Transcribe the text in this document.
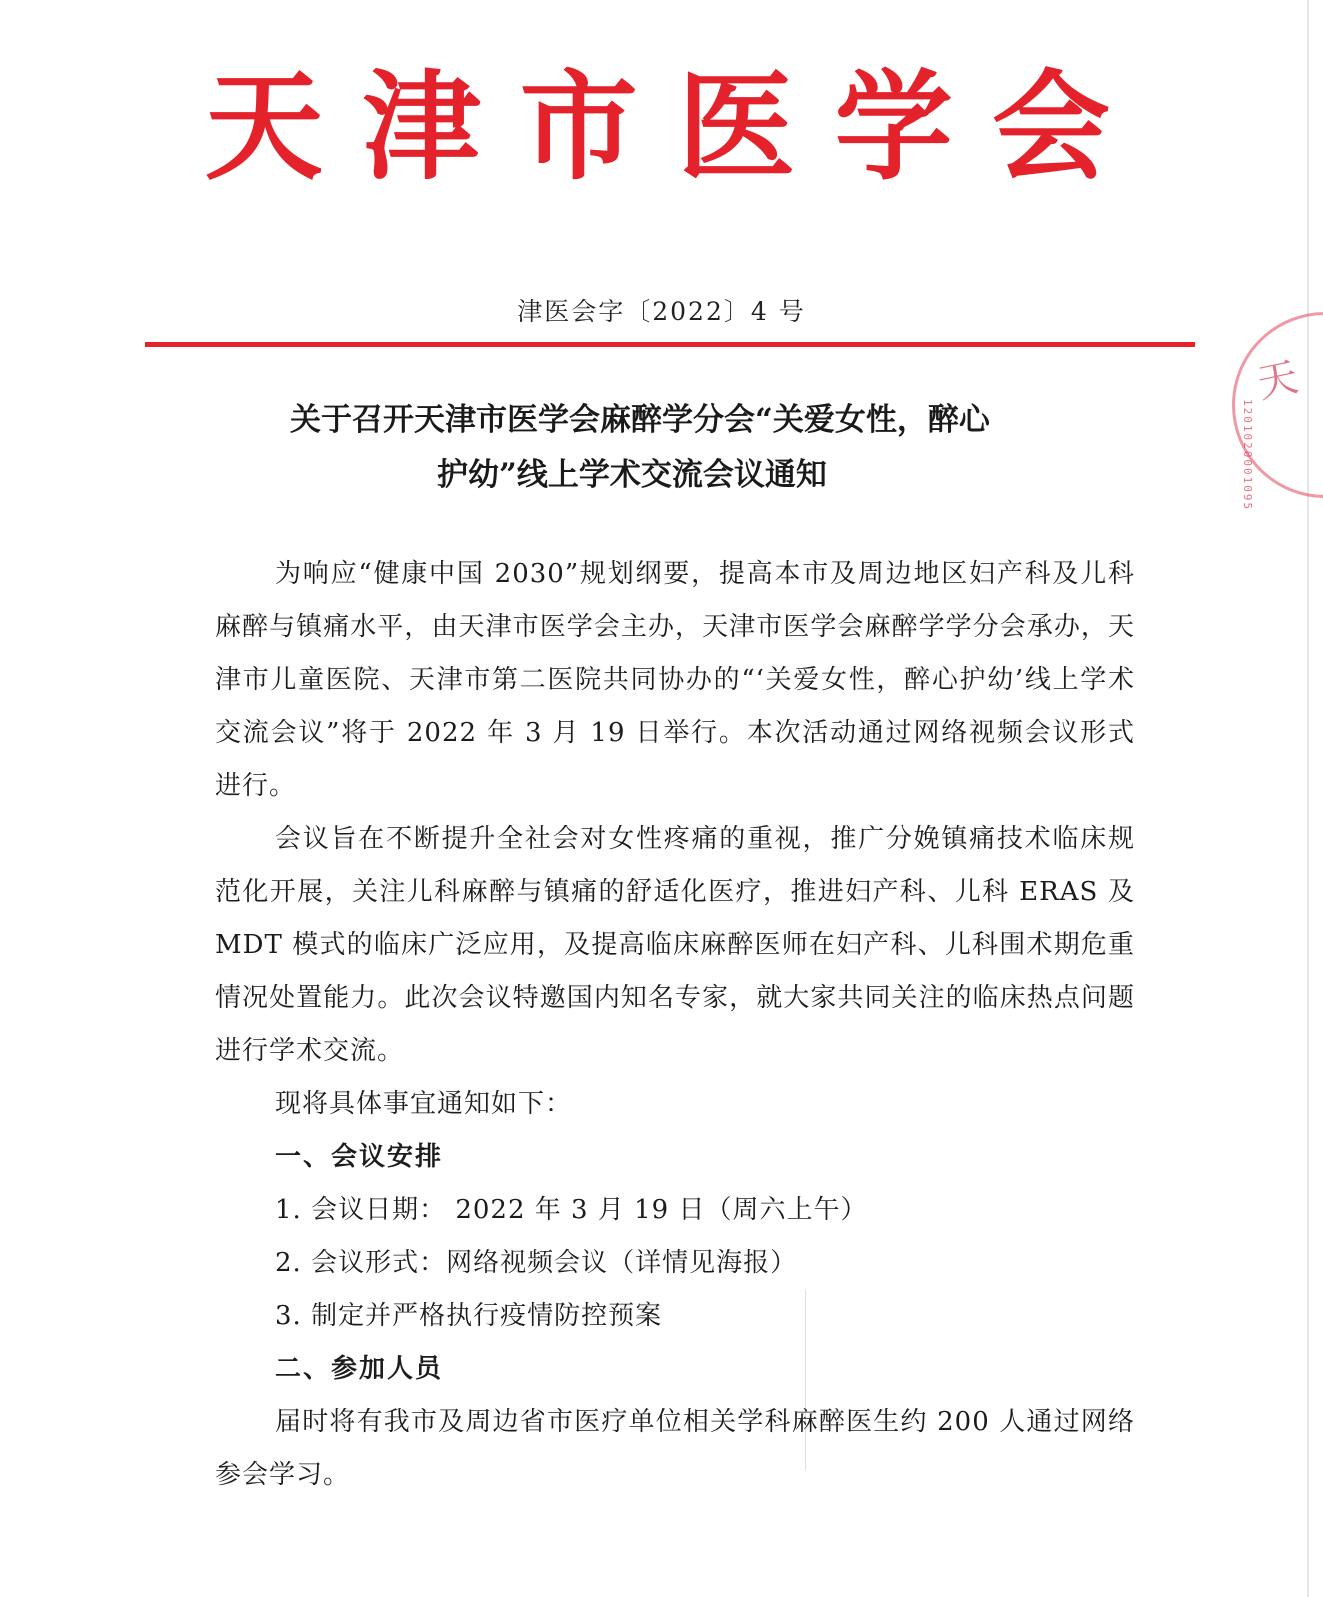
天 津 市 医 学 会
津医会字〔2022〕4 号
天
1201020001095
关于召开天津市医学会麻醉学分会“关爱女性，醉心
护幼”线上学术交流会议通知

为响应“健康中国 2030”规划纲要，提高本市及周边地区妇产科及儿科麻醉与镇痛水平，由天津市医学会主办，天津市医学会麻醉学学分会承办，天津市儿童医院、天津市第二医院共同协办的“‘关爱女性，醉心护幼’线上学术交流会议”将于 2022 年 3 月 19 日举行。本次活动通过网络视频会议形式进行。

会议旨在不断提升全社会对女性疼痛的重视，推广分娩镇痛技术临床规范化开展，关注儿科麻醉与镇痛的舒适化医疗，推进妇产科、儿科 ERAS 及 MDT 模式的临床广泛应用，及提高临床麻醉医师在妇产科、儿科围术期危重情况处置能力。此次会议特邀国内知名专家，就大家共同关注的临床热点问题进行学术交流。

现将具体事宜通知如下：

一、会议安排

1. 会议日期： 2022 年 3 月 19 日（周六上午）

2. 会议形式：网络视频会议（详情见海报）

3. 制定并严格执行疫情防控预案

二、参加人员

届时将有我市及周边省市医疗单位相关学科麻醉医生约 200 人通过网络参会学习。
